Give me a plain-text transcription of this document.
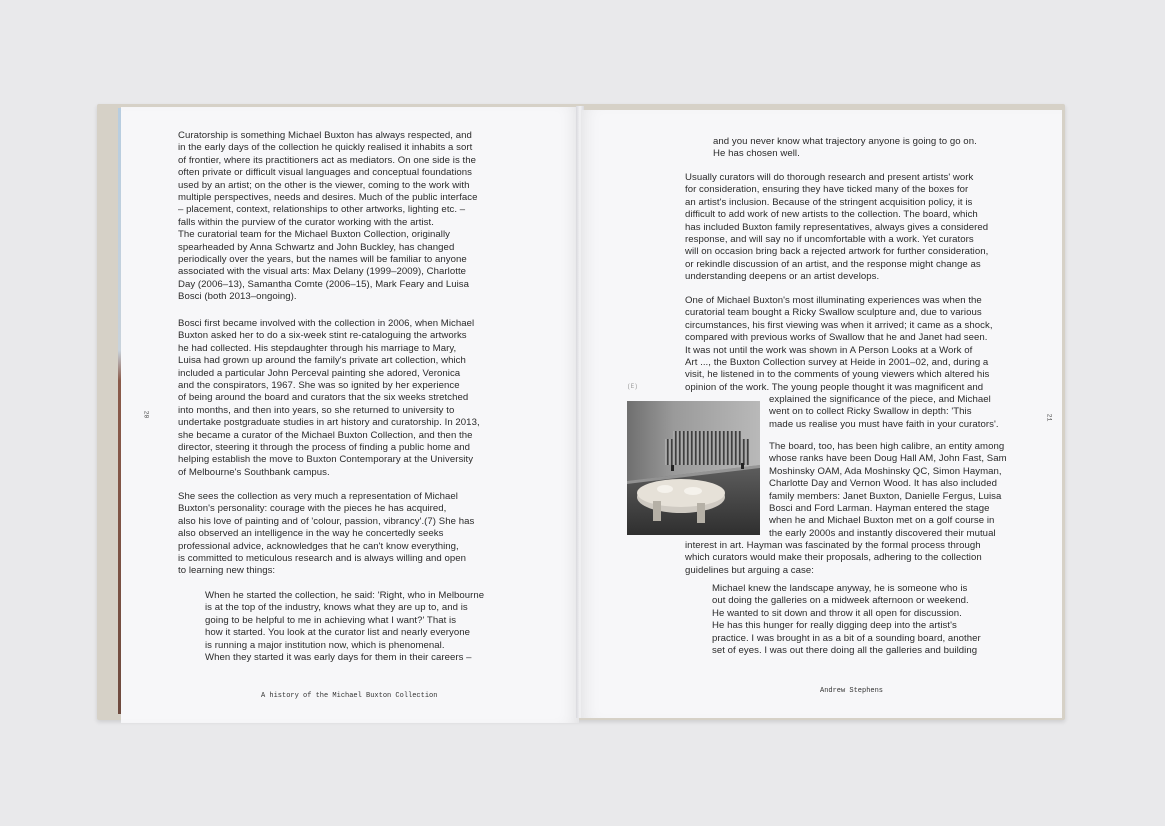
20
Curatorship is something Michael Buxton has always respected, and
in the early days of the collection he quickly realised it inhabits a sort
of frontier, where its practitioners act as mediators. On one side is the
often private or difficult visual languages and conceptual foundations
used by an artist; on the other is the viewer, coming to the work with
multiple perspectives, needs and desires. Much of the public interface
– placement, context, relationships to other artworks, lighting etc. –
falls within the purview of the curator working with the artist.
The curatorial team for the Michael Buxton Collection, originally
spearheaded by Anna Schwartz and John Buckley, has changed
periodically over the years, but the names will be familiar to anyone
associated with the visual arts: Max Delany (1999–2009), Charlotte
Day (2006–13), Samantha Comte (2006–15), Mark Feary and Luisa
Bosci (both 2013–ongoing).
Bosci first became involved with the collection in 2006, when Michael
Buxton asked her to do a six-week stint re-cataloguing the artworks
he had collected. His stepdaughter through his marriage to Mary,
Luisa had grown up around the family's private art collection, which
included a particular John Perceval painting she adored, Veronica
and the conspirators, 1967. She was so ignited by her experience
of being around the board and curators that the six weeks stretched
into months, and then into years, so she returned to university to
undertake postgraduate studies in art history and curatorship. In 2013,
she became a curator of the Michael Buxton Collection, and then the
director, steering it through the process of finding a public home and
helping establish the move to Buxton Contemporary at the University
of Melbourne's Southbank campus.
She sees the collection as very much a representation of Michael
Buxton's personality: courage with the pieces he has acquired,
also his love of painting and of 'colour, passion, vibrancy'.(7) She has
also observed an intelligence in the way he concertedly seeks
professional advice, acknowledges that he can't know everything,
is committed to meticulous research and is always willing and open
to learning new things:
When he started the collection, he said: 'Right, who in Melbourne
is at the top of the industry, knows what they are up to, and is
going to be helpful to me in achieving what I want?' That is
how it started. You look at the curator list and nearly everyone
is running a major institution now, which is phenomenal.
When they started it was early days for them in their careers –
A history of the Michael Buxton Collection
21
and you never know what trajectory anyone is going to go on.
He has chosen well.
Usually curators will do thorough research and present artists' work
for consideration, ensuring they have ticked many of the boxes for
an artist's inclusion. Because of the stringent acquisition policy, it is
difficult to add work of new artists to the collection. The board, which
has included Buxton family representatives, always gives a considered
response, and will say no if uncomfortable with a work. Yet curators
will on occasion bring back a rejected artwork for further consideration,
or rekindle discussion of an artist, and the response might change as
understanding deepens or an artist develops.
One of Michael Buxton's most illuminating experiences was when the
curatorial team bought a Ricky Swallow sculpture and, due to various
circumstances, his first viewing was when it arrived; it came as a shock,
compared with previous works of Swallow that he and Janet had seen.
It was not until the work was shown in A Person Looks at a Work of
Art ..., the Buxton Collection survey at Heide in 2001–02, and, during a
visit, he listened in to the comments of young viewers which altered his
opinion of the work. The young people thought it was magnificent and
explained the significance of the piece, and Michael
went on to collect Ricky Swallow in depth: 'This
made us realise you must have faith in your curators'.
The board, too, has been high calibre, an entity among
whose ranks have been Doug Hall AM, John Fast, Sam
Moshinsky OAM, Ada Moshinsky QC, Simon Hayman,
Charlotte Day and Vernon Wood. It has also included
family members: Janet Buxton, Danielle Fergus, Luisa
Bosci and Ford Larman. Hayman entered the stage
when he and Michael Buxton met on a golf course in
the early 2000s and instantly discovered their mutual
interest in art. Hayman was fascinated by the formal process through
which curators would make their proposals, adhering to the collection
guidelines but arguing a case:
Michael knew the landscape anyway, he is someone who is
out doing the galleries on a midweek afternoon or weekend.
He wanted to sit down and throw it all open for discussion.
He has this hunger for really digging deep into the artist's
practice. I was brought in as a bit of a sounding board, another
set of eyes. I was out there doing all the galleries and building
(E)
Andrew Stephens
